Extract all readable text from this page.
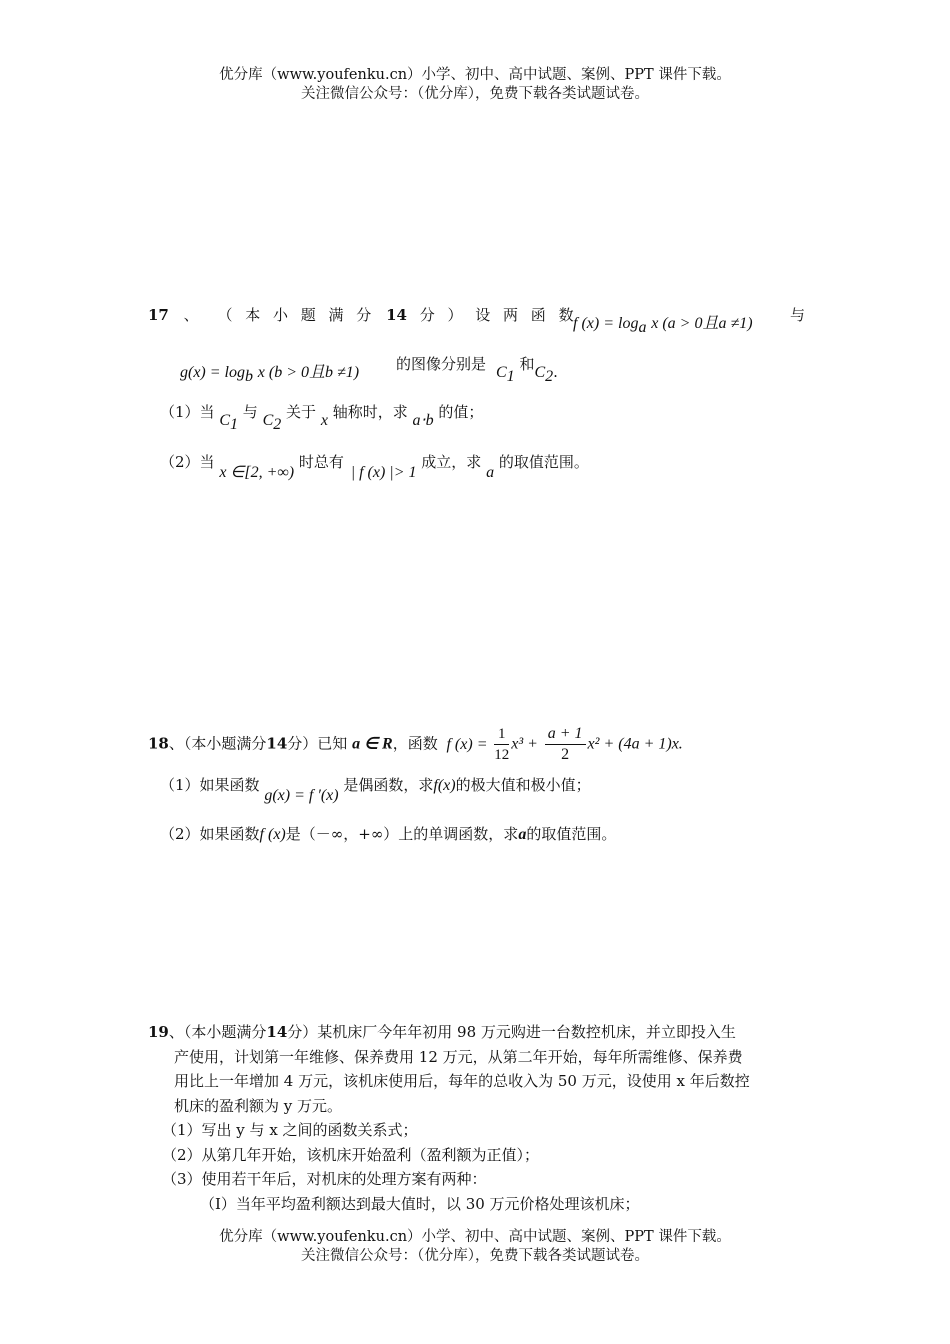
优分库（www.youfenku.cn）小学、初中、高中试题、案例、PPT 课件下载。
关注微信公众号：（优分库），免费下载各类试题试卷。
17 、 （ 本 小 题 满 分 14 分 ） 设 两 函 数
f $(x) = \log_a x$ (a > 0且a ≠1) 与
$g(x) = \log_b x$ (b > 0且b ≠1) 的图像分别是 $C_1$ 和$C_2$.
（1）当 $C_1$ 与 $C_2$ 关于 x 轴称时，求 a⋅b 的值；
（2）当 x ∈[2, +∞) 时总有 | f (x) |> 1 成立，求 a 的取值范围。
18、（本小题满分14分）已知 a ∈ R，函数 f $(x) = \frac{1}{12} x^3 + \frac{a + 1}{2} x^2 + (4a + 1)x$.
（1）如果函数 g(x) = f ′(x) 是偶函数，求f(x)的极大值和极小值；
（2）如果函数f (x)是（－∞，+∞）上的单调函数，求a的取值范围。
19、（本小题满分14分）某机床厂今年年初用 98 万元购进一台数控机床，并立即投入生
产使用，计划第一年维修、保养费用 12 万元，从第二年开始，每年所需维修、保养费
用比上一年增加 4 万元，该机床使用后，每年的总收入为 50 万元，设使用 x 年后数控
机床的盈利额为 y 万元。
（1）写出 y 与 x 之间的函数关系式；
（2）从第几年开始，该机床开始盈利（盈利额为正值）；
（3）使用若干年后，对机床的处理方案有两种：
（Ⅰ）当年平均盈利额达到最大值时，以 30 万元价格处理该机床；
优分库（www.youfenku.cn）小学、初中、高中试题、案例、PPT 课件下载。
关注微信公众号：（优分库），免费下载各类试题试卷。
